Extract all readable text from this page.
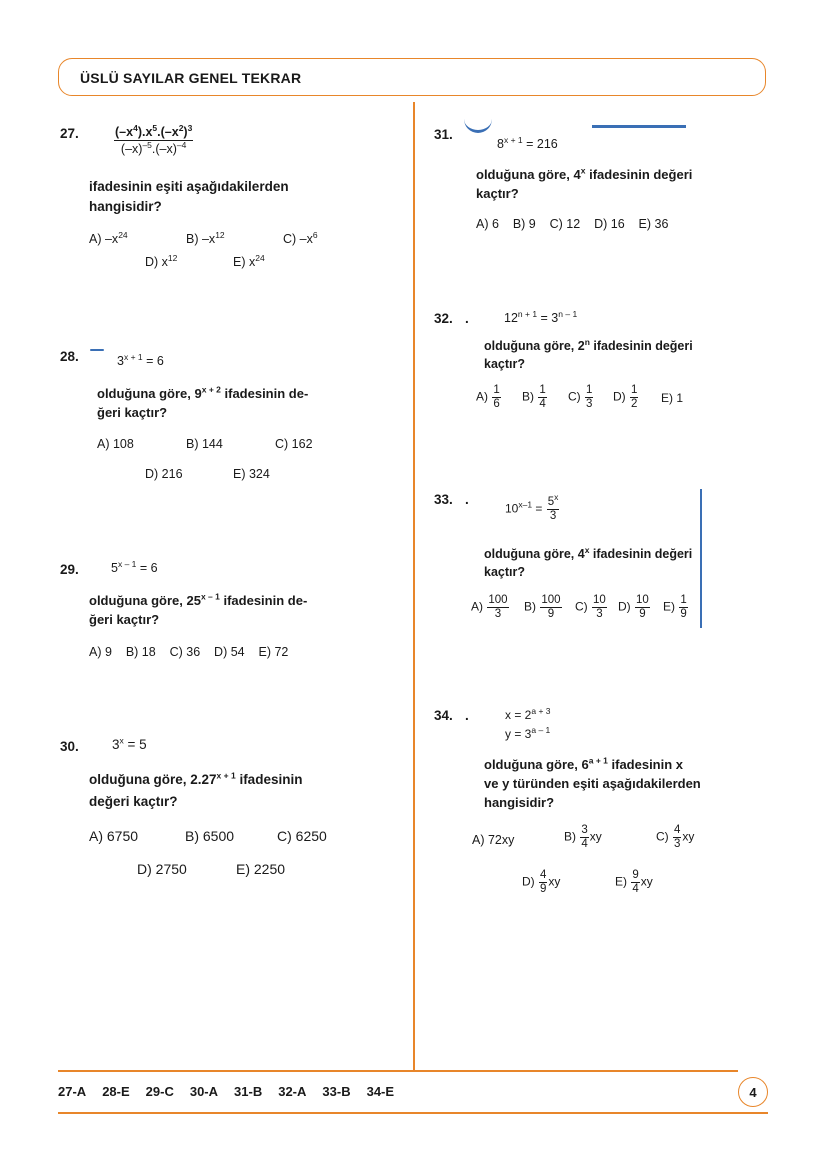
ÜSLÜ SAYILAR GENEL TEKRAR
27.	$\frac{(-x^4).x^5.(-x^2)^3}{(-x)^{-5}.(-x)^{-4}}$
ifadesinin eşiti aşağıdakilerden
hangisidir?
A) $-x^{24}$	B) $-x^{12}$	C) $-x^6$
D) $x^{12}$	E) $x^{24}$
28.	$3^{x + 1} = 6$
olduğuna göre, $9^{x + 2}$ ifadesinin de-
ğeri kaçtır?
A) 108	B) 144	C) 162
D) 216	E) 324
29.	$5^{x - 1} = 6$
olduğuna göre, 25$^{x - 1}$ ifadesinin de-
ğeri kaçtır?
A) 9    B) 18    C) 36    D) 54    E) 72
30. $3^x = 5$
olduğuna göre, $2.27^{x + 1}$ ifadesinin
değeri kaçtır?
A) 6750	B) 6500	C) 6250
D) 2750	E) 2250
31.
$8^{x + 1} = 216$
olduğuna göre, 4$^x$ ifadesinin değeri
kaçtır?
A) 6    B) 9    C) 12    D) 16    E) 36
32. .	$12^{n + 1} = 3^{n - 1}$
olduğuna göre, 2$^n$ ifadesinin değeri
kaçtır?
$A) \frac{1}{6} B) \frac{1}{4} C) \frac{1}{3} D) \frac{1}{2} E$) 1
33. .
$10^{x-1} = \frac{5^x}{3}$
olduğuna göre, 4$^x$ ifadesinin değeri
kaçtır?
$A) \frac{100}{3} B) \frac{100}{9} C) \frac{10}{3} D) \frac{10}{9} E) \frac{1}{9}$
34. .	$x = 2^{a + 3}$
$y = 3^{a - 1}$
olduğuna göre, $6^{a + 1}$ ifadesinin x
ve y türünden eşiti aşağıdakilerden
hangisidir?
A) 72xy	$B) \frac{3}{4}$ xy	$C) \frac{4}{3}$ xy
$D) \frac{4}{9}$ xy	$E) \frac{9}{4}$ xy
27-A 28-E 29-C 30-A 31-B 32-A 33-B 34-E	4
